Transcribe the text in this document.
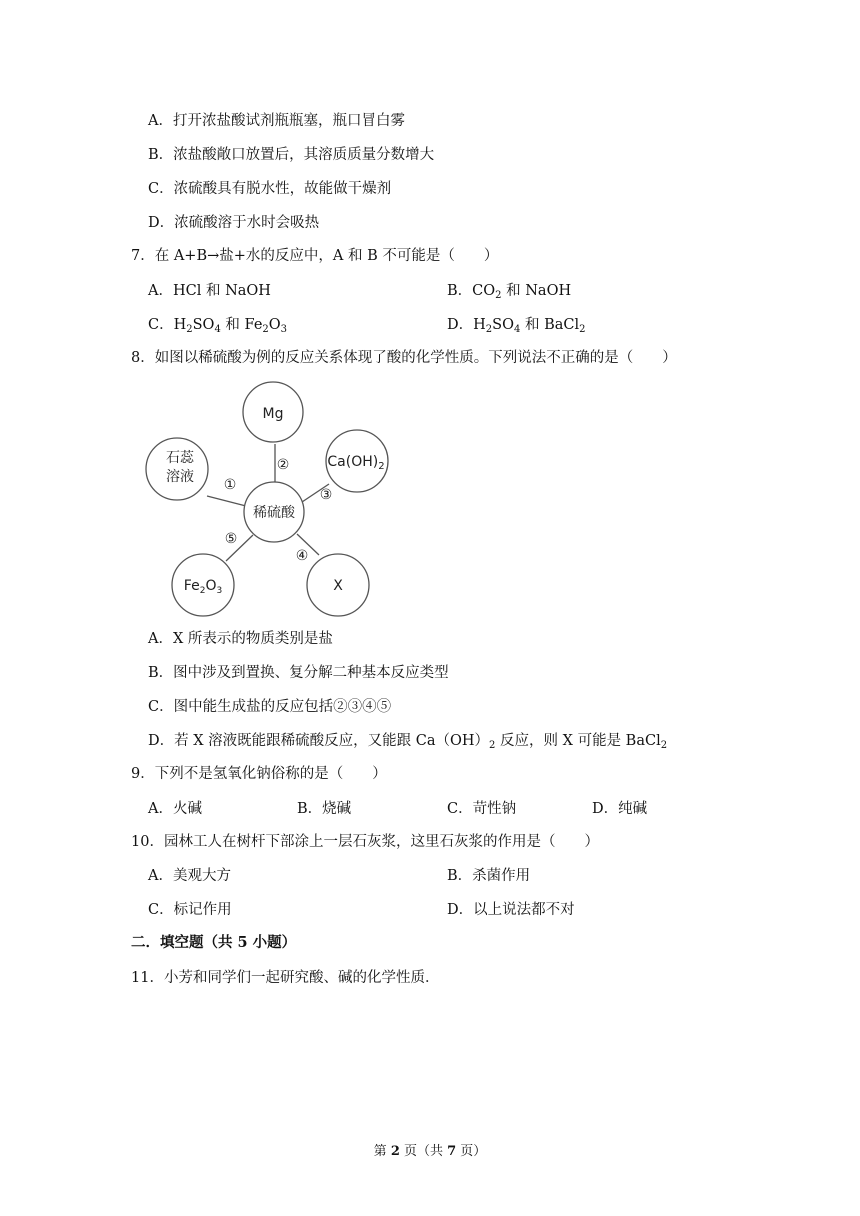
A．打开浓盐酸试剂瓶瓶塞，瓶口冒白雾
B．浓盐酸敞口放置后，其溶质质量分数增大
C．浓硫酸具有脱水性，故能做干燥剂
D．浓硫酸溶于水时会吸热
7．在 A+B→盐+水的反应中，A 和 B 不可能是（　　）
A．HCl 和 NaOH	B．$CO_2$ 和 NaOH
C．$H_2SO_4$ 和 $Fe_2O_3$	D．$H_2SO_4$ 和 BaCl$_2$
8．如图以稀硫酸为例的反应关系体现了酸的化学性质。下列说法不正确的是（　　）
Mg
石蕊
溶液
$Ca(OH)_2$
稀硫酸
$Fe_2O_3$	X
①
②
③
④
⑤
A．X 所表示的物质类别是盐
B．图中涉及到置换、复分解二种基本反应类型
C．图中能生成盐的反应包括②③④⑤
D．若 X 溶液既能跟稀硫酸反应，又能跟 $Ca(OH)_2$ 反应，则 X 可能是 BaCl$_2$
9．下列不是氢氧化钠俗称的是（　　）
A．火碱	B．烧碱	C．苛性钠	D．纯碱
10．园林工人在树杆下部涂上一层石灰浆，这里石灰浆的作用是（　　）
A．美观大方	B．杀菌作用
C．标记作用	D．以上说法都不对
二．填空题（共 5 小题）
11．小芳和同学们一起研究酸、碱的化学性质．
第 2 页（共 7 页）
